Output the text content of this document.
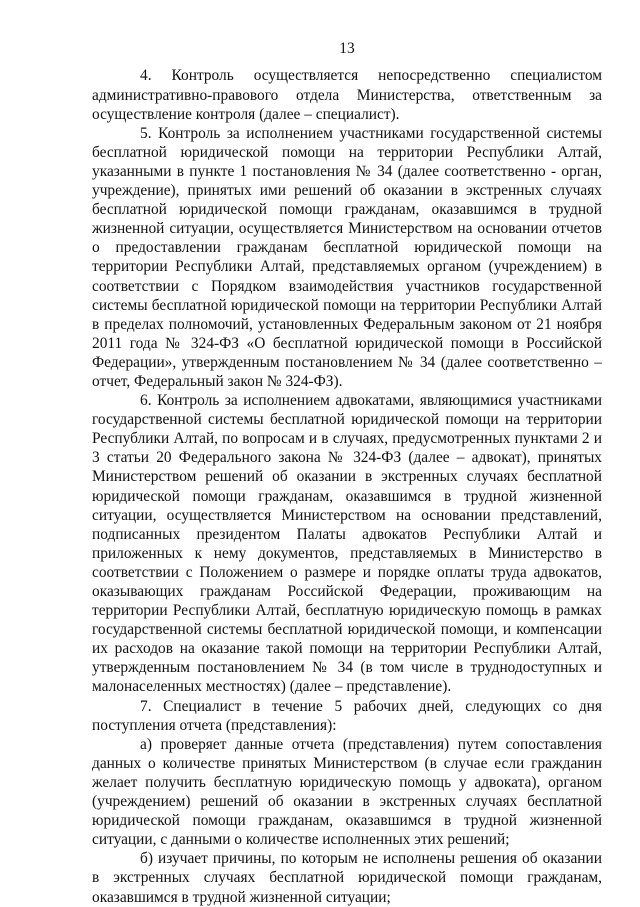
13

4. Контроль осуществляется непосредственно специалистом административно-правового отдела Министерства, ответственным за осуществление контроля (далее – специалист).

5. Контроль за исполнением участниками государственной системы бесплатной юридической помощи на территории Республики Алтай, указанными в пункте 1 постановления № 34 (далее соответственно - орган, учреждение), принятых ими решений об оказании в экстренных случаях бесплатной юридической помощи гражданам, оказавшимся в трудной жизненной ситуации, осуществляется Министерством на основании отчетов о предоставлении гражданам бесплатной юридической помощи на территории Республики Алтай, представляемых органом (учреждением) в соответствии с Порядком взаимодействия участников государственной системы бесплатной юридической помощи на территории Республики Алтай в пределах полномочий, установленных Федеральным законом от 21 ноября 2011 года № 324-ФЗ «О бесплатной юридической помощи в Российской Федерации», утвержденным постановлением № 34 (далее соответственно – отчет, Федеральный закон № 324-ФЗ).

6. Контроль за исполнением адвокатами, являющимися участниками государственной системы бесплатной юридической помощи на территории Республики Алтай, по вопросам и в случаях, предусмотренных пунктами 2 и 3 статьи 20 Федерального закона № 324-ФЗ (далее – адвокат), принятых Министерством решений об оказании в экстренных случаях бесплатной юридической помощи гражданам, оказавшимся в трудной жизненной ситуации, осуществляется Министерством на основании представлений, подписанных президентом Палаты адвокатов Республики Алтай и приложенных к нему документов, представляемых в Министерство в соответствии с Положением о размере и порядке оплаты труда адвокатов, оказывающих гражданам Российской Федерации, проживающим на территории Республики Алтай, бесплатную юридическую помощь в рамках государственной системы бесплатной юридической помощи, и компенсации их расходов на оказание такой помощи на территории Республики Алтай, утвержденным постановлением № 34 (в том числе в труднодоступных и малонаселенных местностях) (далее – представление).

7. Специалист в течение 5 рабочих дней, следующих со дня поступления отчета (представления):

а) проверяет данные отчета (представления) путем сопоставления данных о количестве принятых Министерством (в случае если гражданин желает получить бесплатную юридическую помощь у адвоката), органом (учреждением) решений об оказании в экстренных случаях бесплатной юридической помощи гражданам, оказавшимся в трудной жизненной ситуации, с данными о количестве исполненных этих решений;

б) изучает причины, по которым не исполнены решения об оказании в экстренных случаях бесплатной юридической помощи гражданам, оказавшимся в трудной жизненной ситуации;
